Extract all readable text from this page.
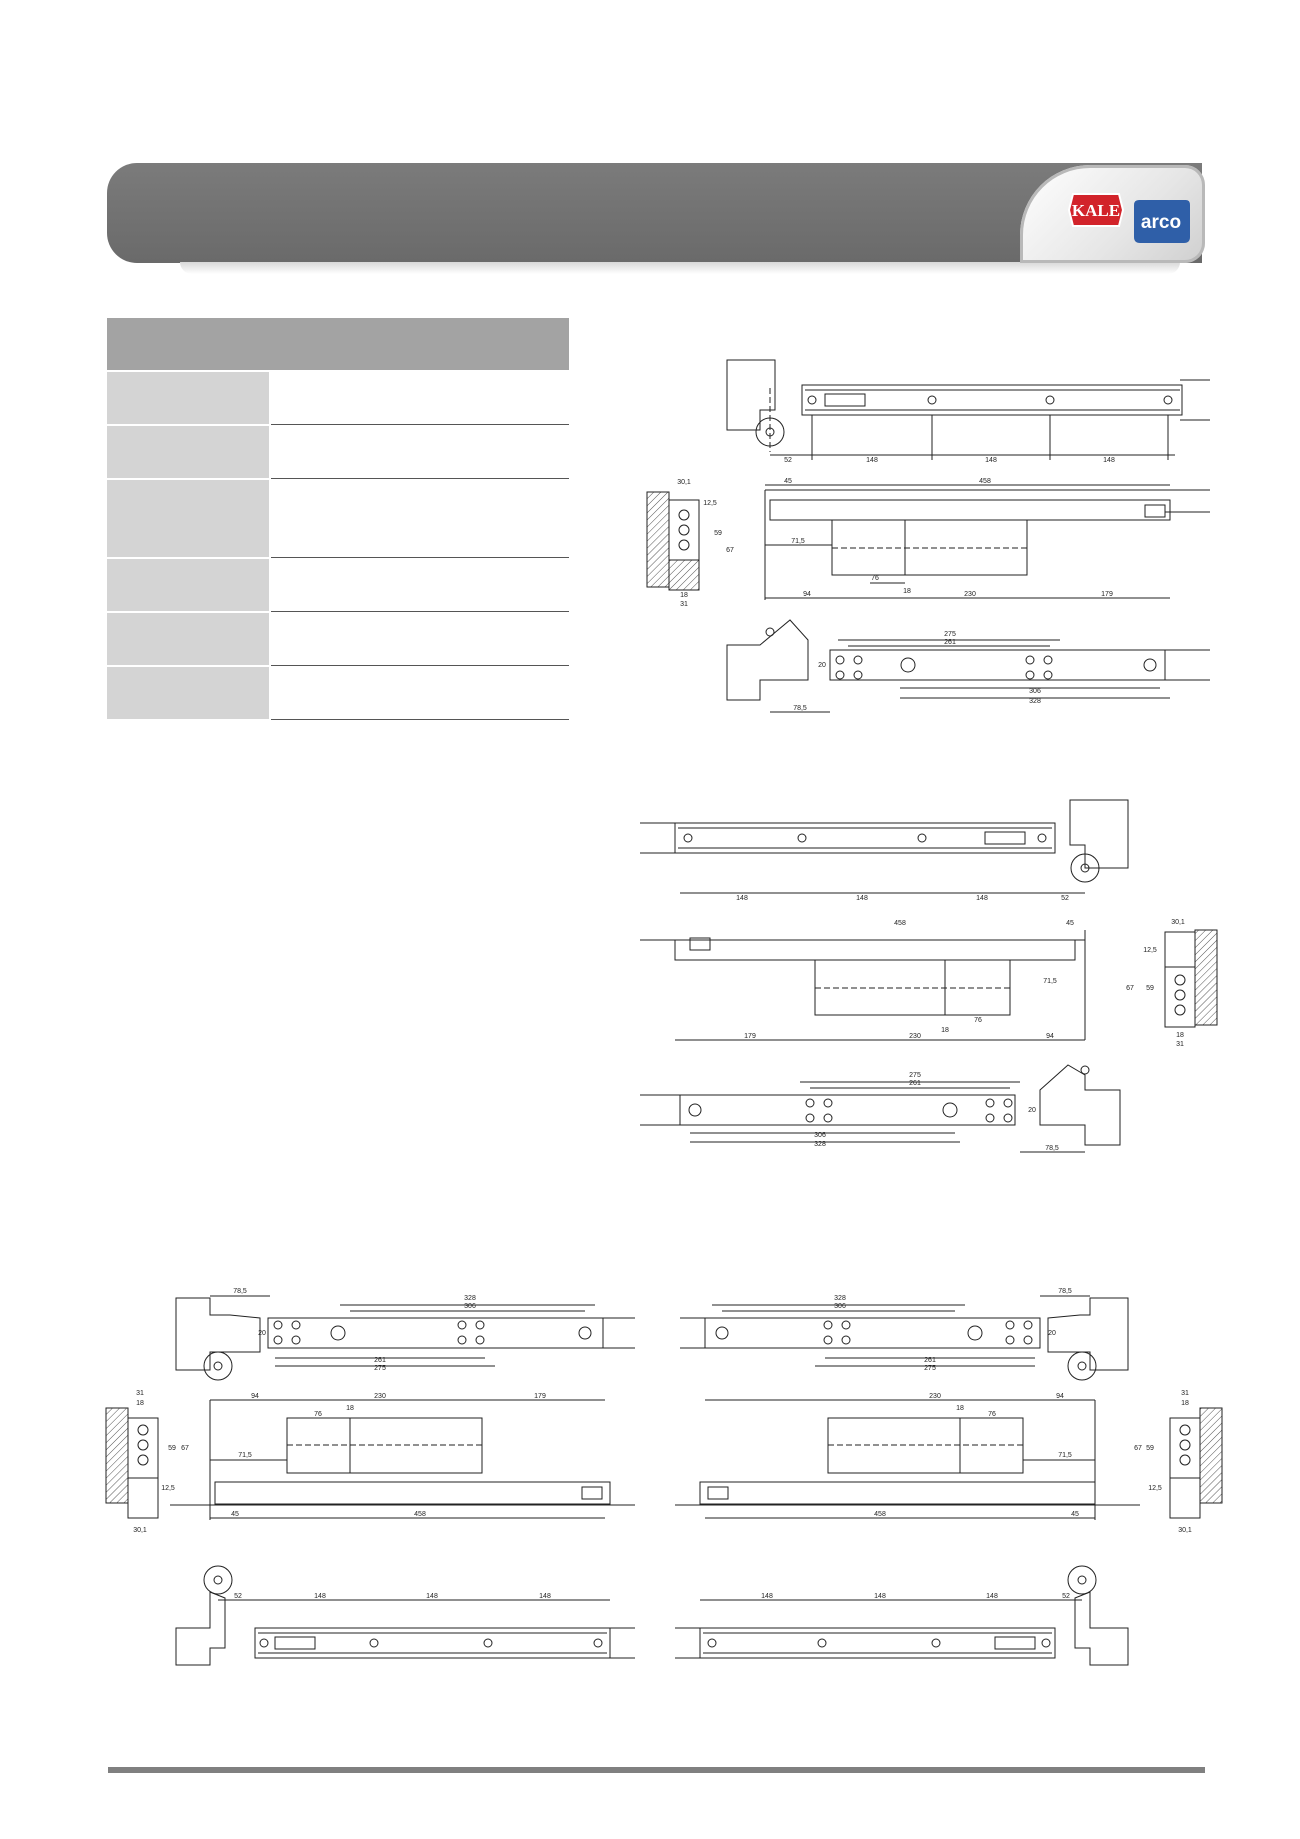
KALE
arco
52	148	148	148
45	458
71,5
94	230	179
76
18
30,1
12,5
59
67
18
31
275
261
306
328
78,5
20
148	148	148	52
458	45
71,5
179	230	94
76
18
30,1
12,5
59
67
18
31
275
261
306
328
78,5
20
78,5
328
306
261
275
20
94	230	179
76
18
71,5
45	458
31
18
59 67
12,5
30,1
52	148	148	148
328
306
78,5
261
275
20
230	94
18
76
71,5
458	45
31
18
59
67
12,5
30,1
148	148	148	52
